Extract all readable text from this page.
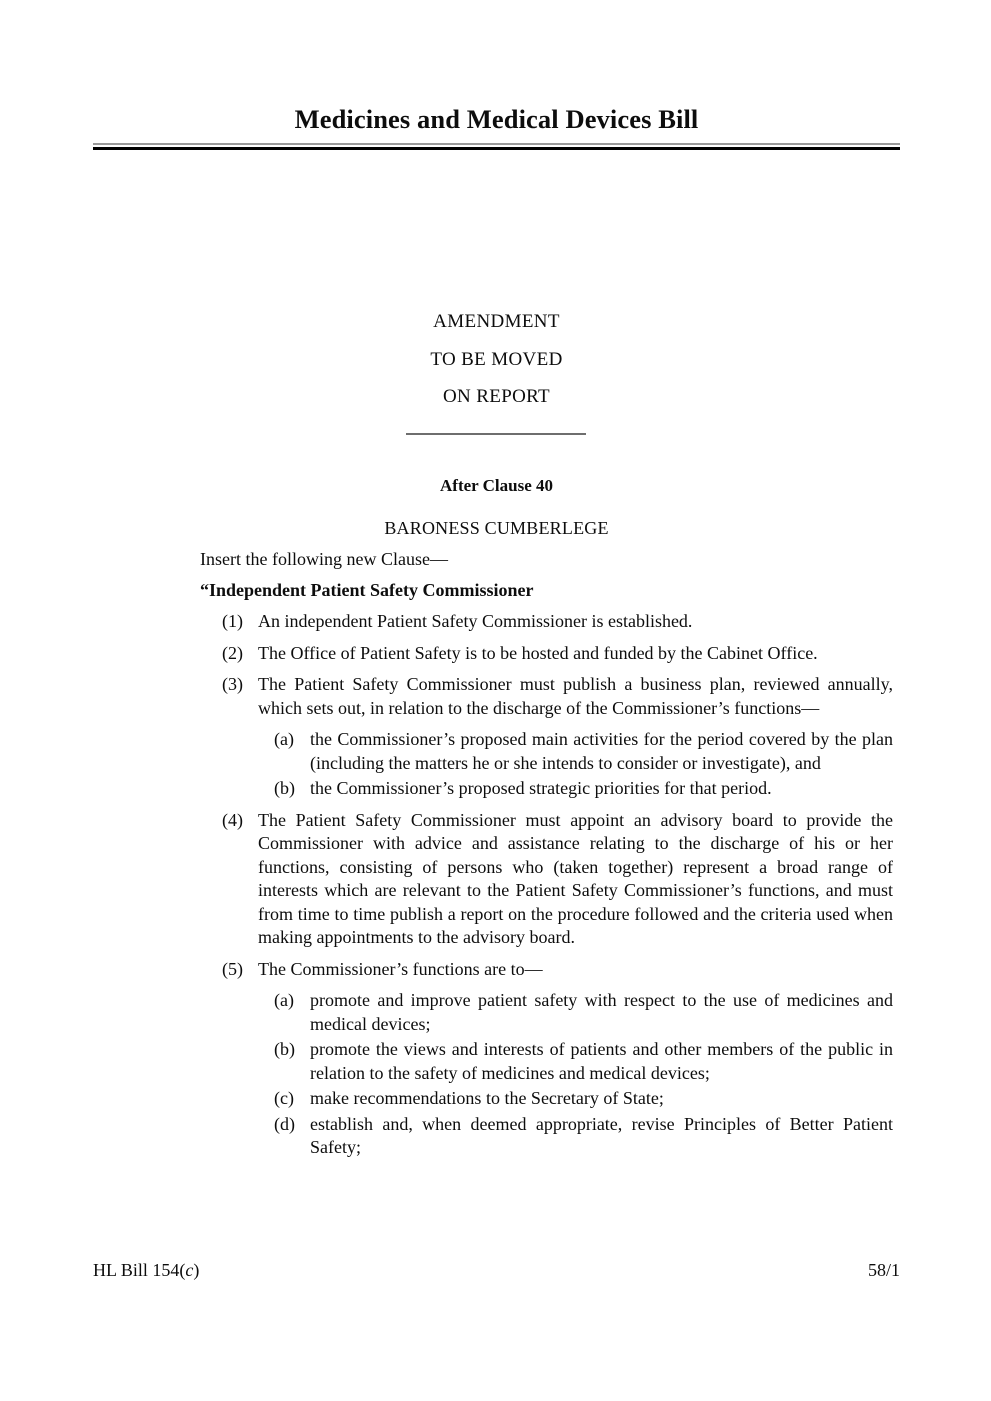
Medicines and Medical Devices Bill
AMENDMENT
TO BE MOVED
ON REPORT
After Clause 40
BARONESS CUMBERLEGE

Insert the following new Clause—

“Independent Patient Safety Commissioner

(1) An independent Patient Safety Commissioner is established.

(2) The Office of Patient Safety is to be hosted and funded by the Cabinet Office.

(3) The Patient Safety Commissioner must publish a business plan, reviewed annually, which sets out, in relation to the discharge of the Commissioner’s functions—

(a) the Commissioner’s proposed main activities for the period covered by the plan (including the matters he or she intends to consider or investigate), and

(b) the Commissioner’s proposed strategic priorities for that period.

(4) The Patient Safety Commissioner must appoint an advisory board to provide the Commissioner with advice and assistance relating to the discharge of his or her functions, consisting of persons who (taken together) represent a broad range of interests which are relevant to the Patient Safety Commissioner’s functions, and must from time to time publish a report on the procedure followed and the criteria used when making appointments to the advisory board.

(5) The Commissioner’s functions are to—

(a) promote and improve patient safety with respect to the use of medicines and medical devices;

(b) promote the views and interests of patients and other members of the public in relation to the safety of medicines and medical devices;

(c) make recommendations to the Secretary of State;

(d) establish and, when deemed appropriate, revise Principles of Better Patient Safety;

HL Bill 154(c)	58/1
